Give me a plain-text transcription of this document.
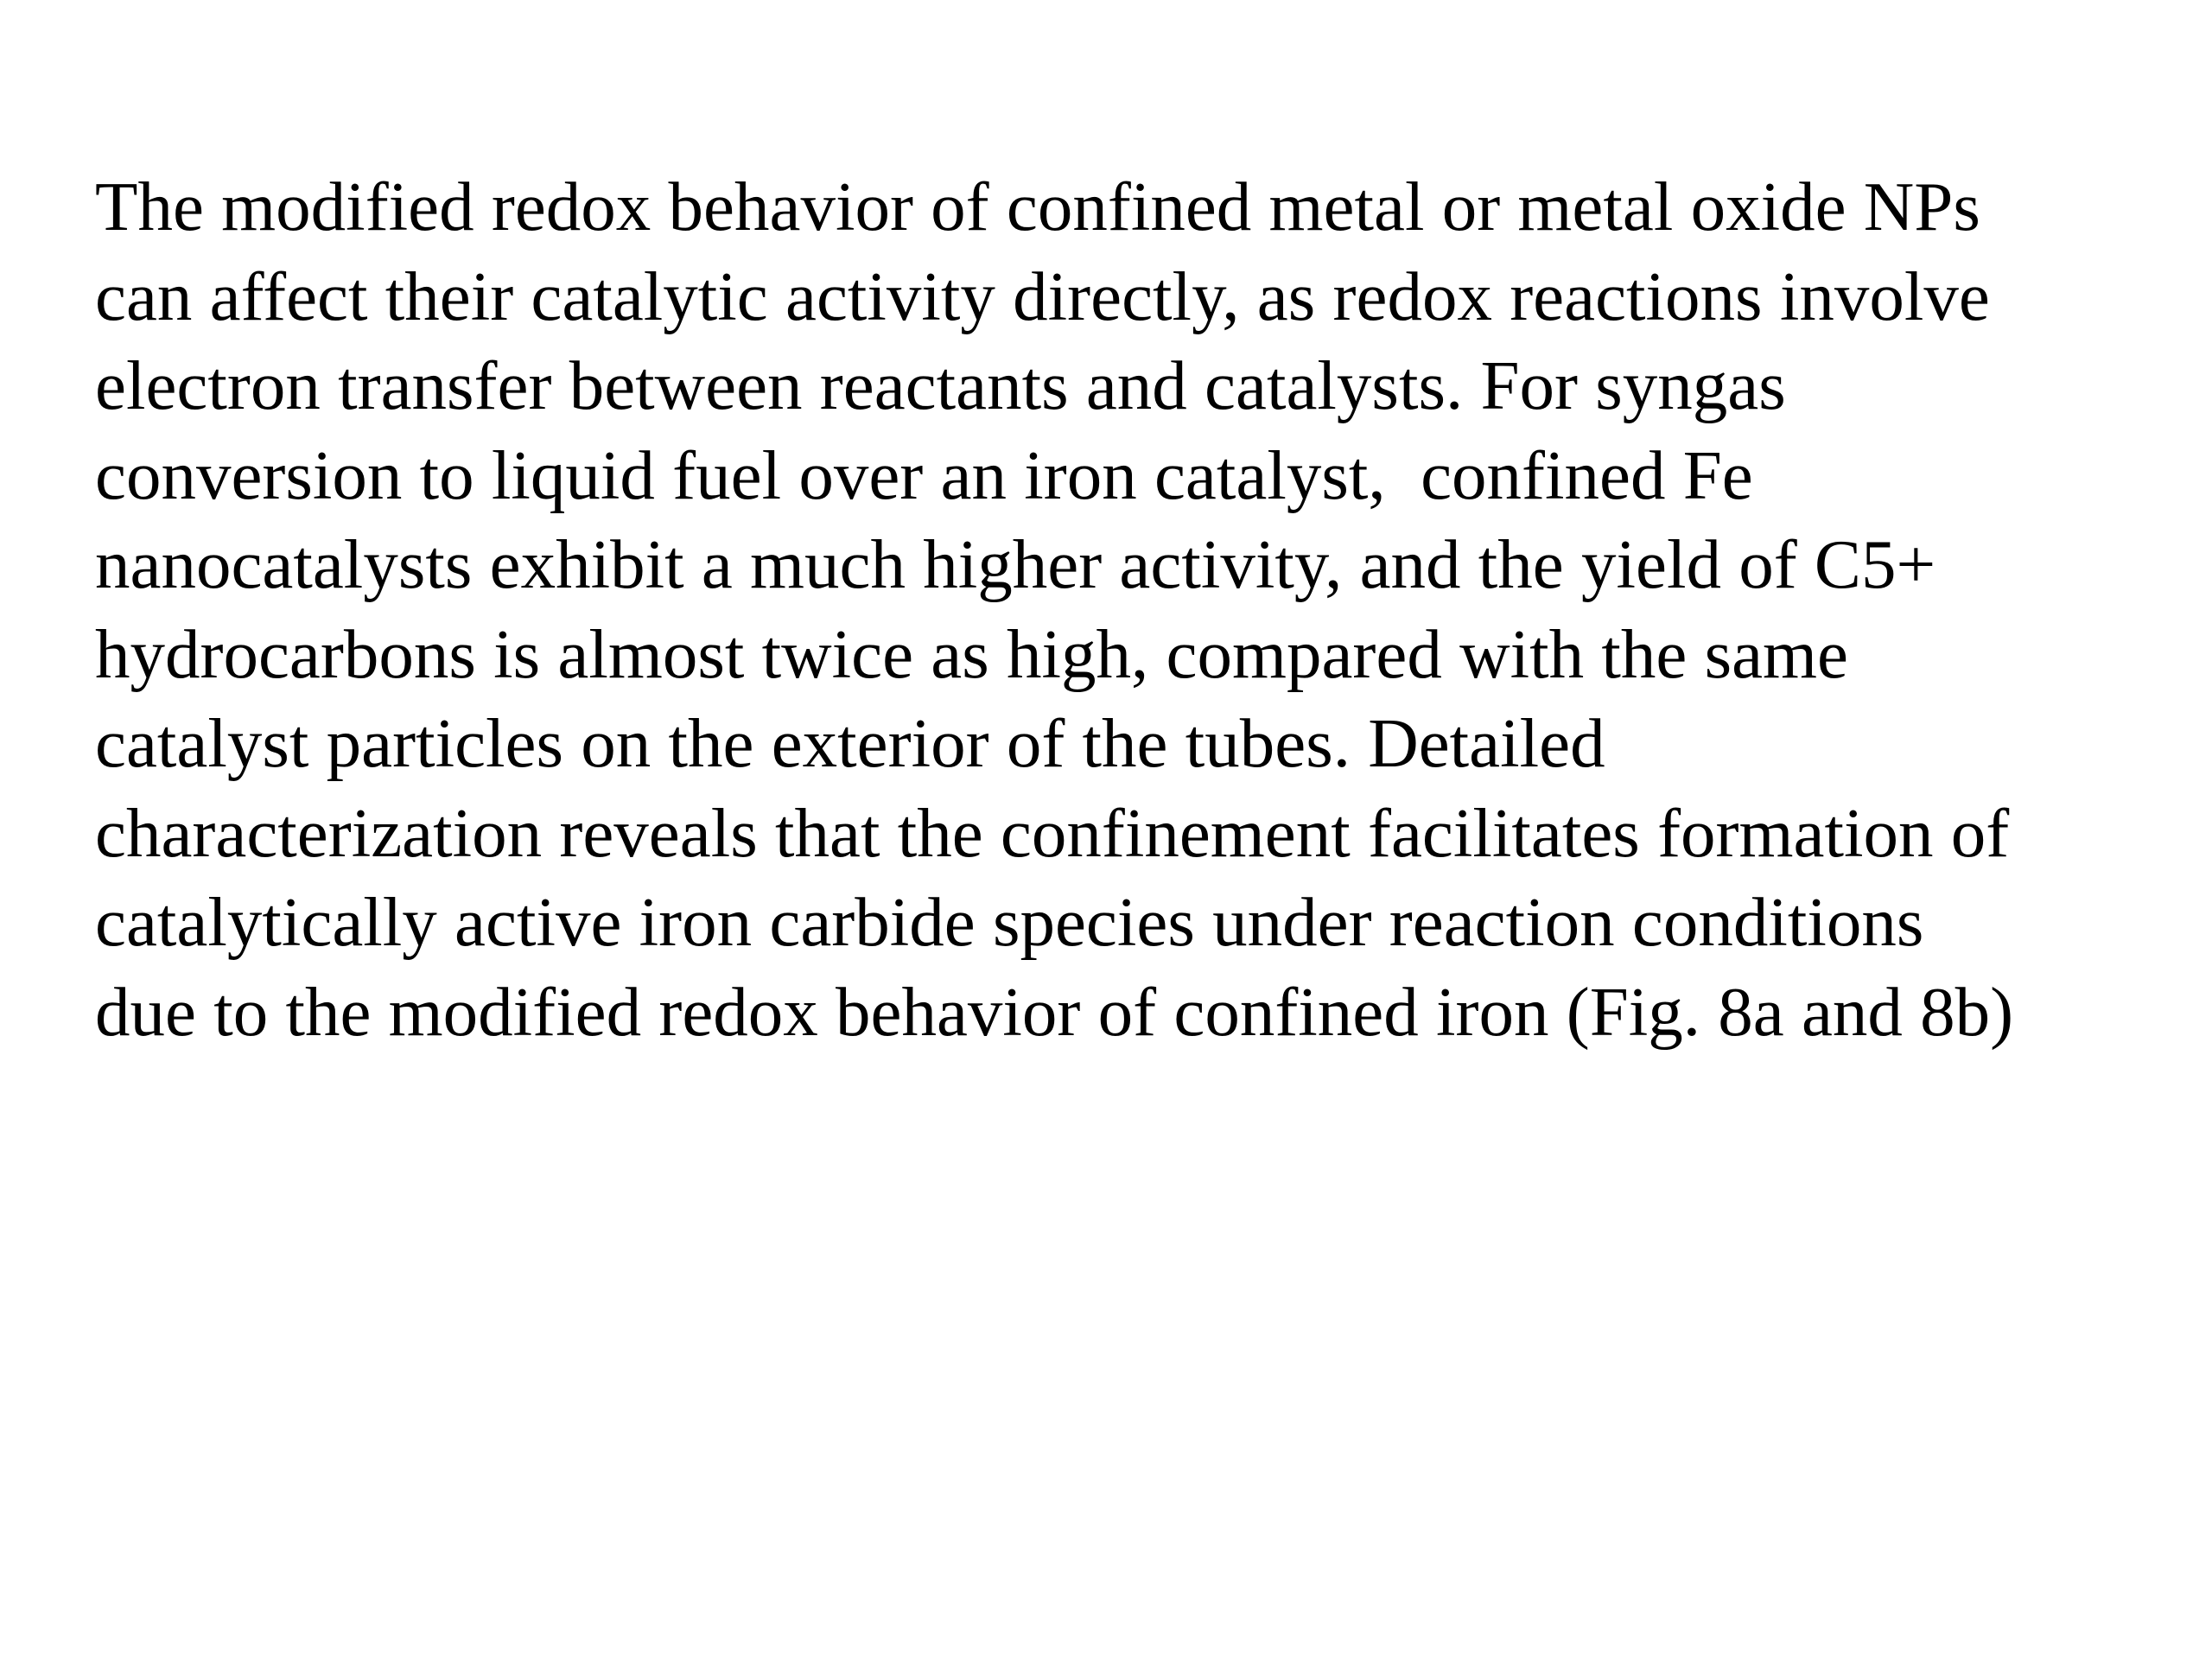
The modified redox behavior of confined metal or metal oxide NPs
can affect their catalytic activity directly, as redox reactions involve
electron transfer between reactants and catalysts. For syngas
conversion to liquid fuel over an iron catalyst,  confined Fe
nanocatalysts exhibit a much higher activity, and the yield of C5+
hydrocarbons is almost twice as high, compared with the same
catalyst particles on the exterior of the tubes. Detailed
characterization reveals that the confinement facilitates formation of
catalytically active iron carbide species under reaction conditions
due to the modified redox behavior of confined iron (Fig. 8a and 8b)
